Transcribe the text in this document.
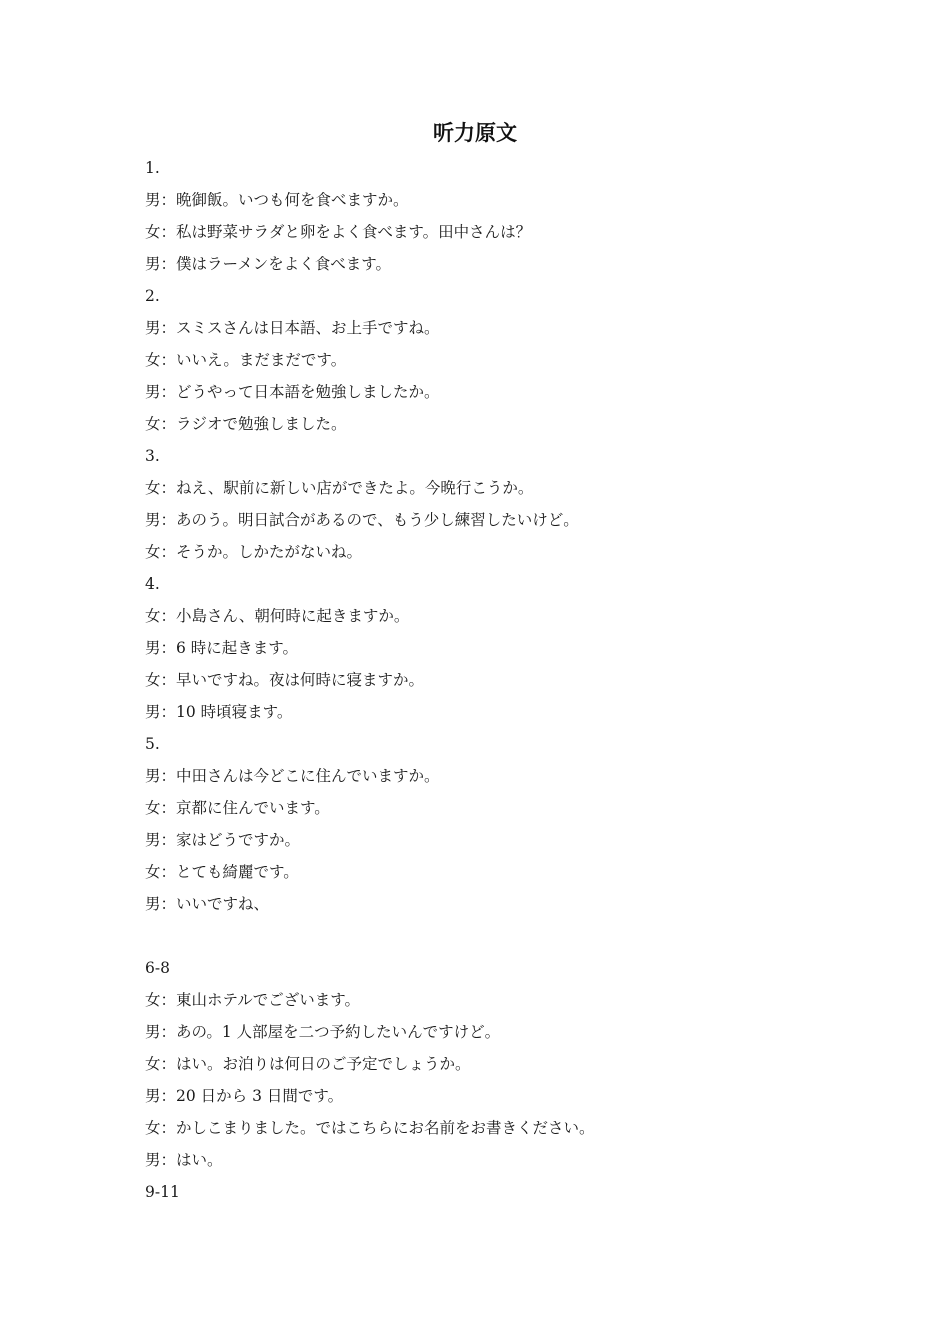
听力原文
1.
男：晩御飯。いつも何を食べますか。
女：私は野菜サラダと卵をよく食べます。田中さんは？
男：僕はラーメンをよく食べます。
2.
男：スミスさんは日本語、お上手ですね。
女：いいえ。まだまだです。
男：どうやって日本語を勉強しましたか。
女：ラジオで勉強しました。
3.
女：ねえ、駅前に新しい店ができたよ。今晩行こうか。
男：あのう。明日試合があるので、もう少し練習したいけど。
女：そうか。しかたがないね。
4.
女：小島さん、朝何時に起きますか。
男：6 時に起きます。
女：早いですね。夜は何時に寝ますか。
男：10 時頃寝ます。
5.
男：中田さんは今どこに住んでいますか。
女：京都に住んでいます。
男：家はどうですか。
女：とても綺麗です。
男：いいですね、
6-8
女：東山ホテルでございます。
男：あの。1 人部屋を二つ予約したいんですけど。
女：はい。お泊りは何日のご予定でしょうか。
男：20 日から 3 日間です。
女：かしこまりました。ではこちらにお名前をお書きください。
男：はい。
9-11
